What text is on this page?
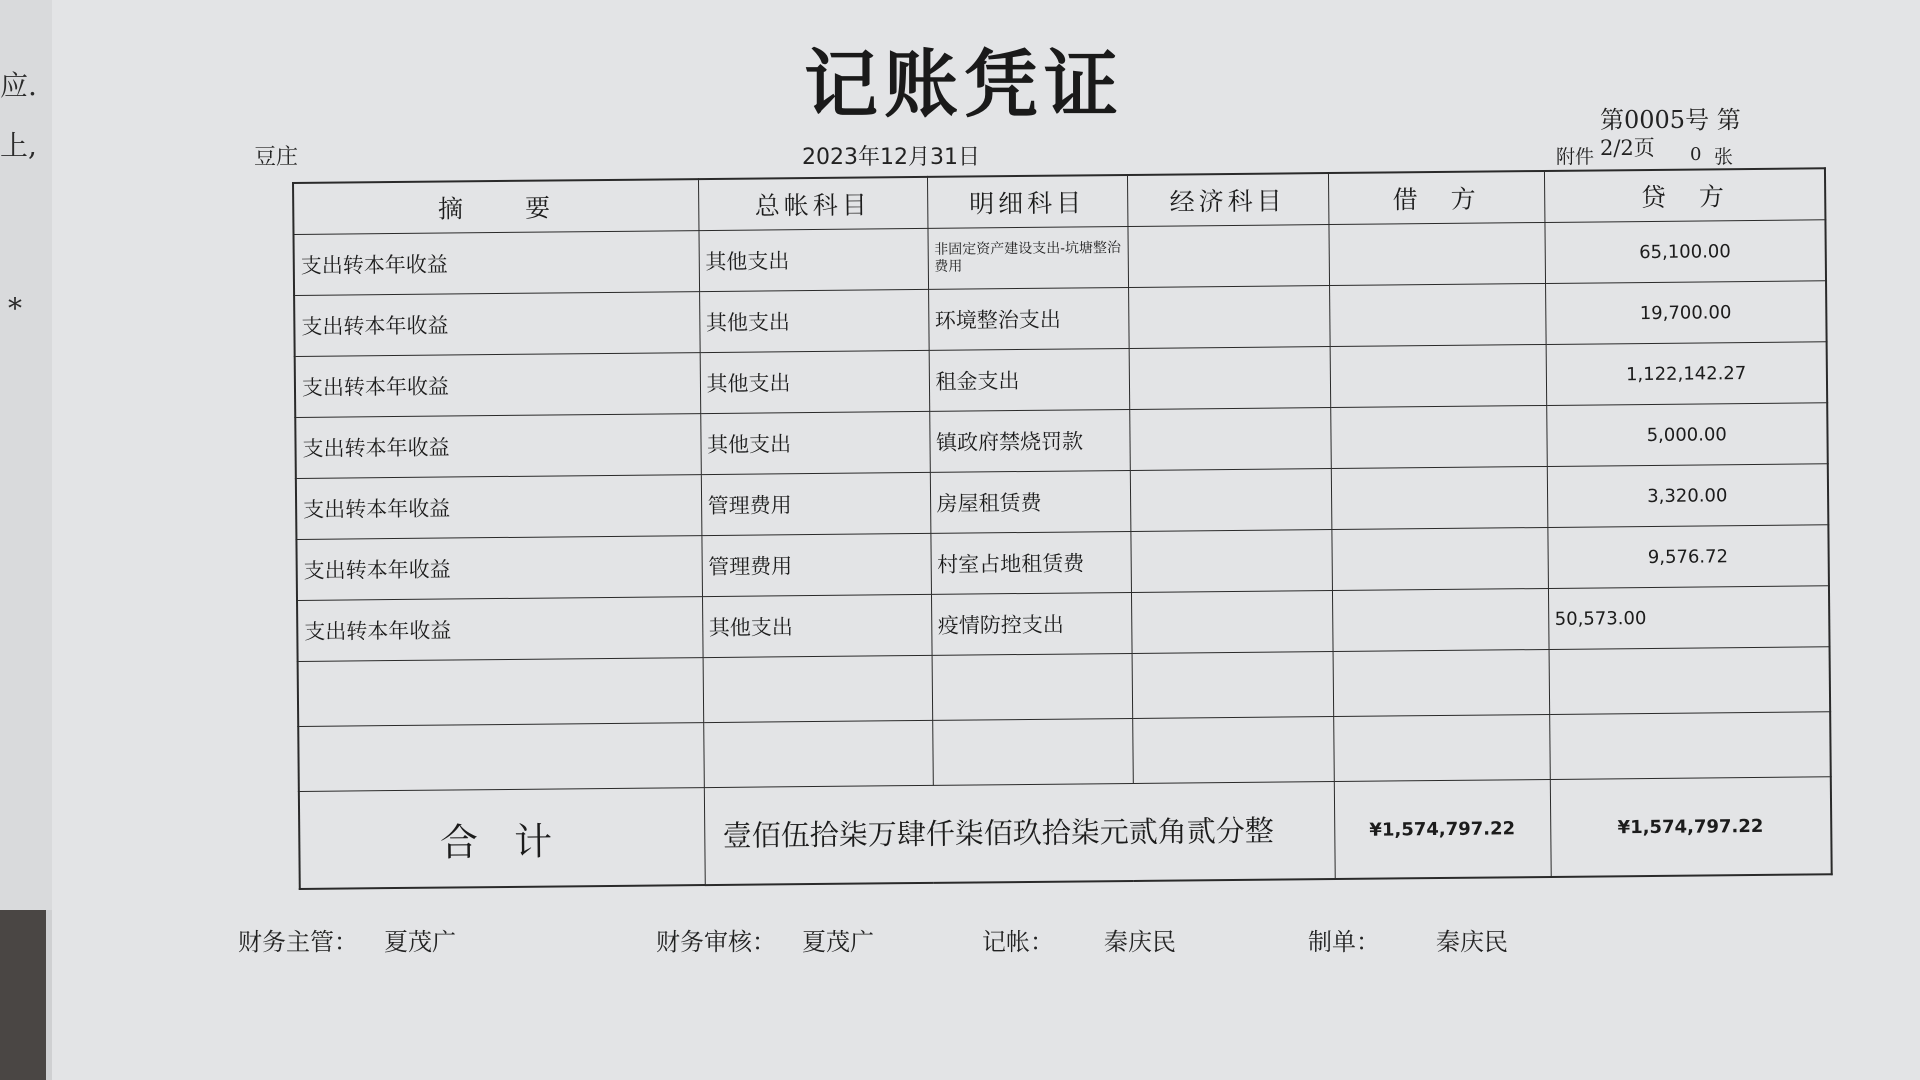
应.
上,
*
记账凭证
豆庄	2023年12月31日
第0005号 第
附件 2/2页 0 张
摘　　要	总帐科目	明细科目	经济科目	借　方	贷　方
支出转本年收益	其他支出	非固定资产建设支出-坑塘整治费用			65,100.00
支出转本年收益	其他支出	环境整治支出			19,700.00
支出转本年收益	其他支出	租金支出			1,122,142.27
支出转本年收益	其他支出	镇政府禁烧罚款			5,000.00
支出转本年收益	管理费用	房屋租赁费			3,320.00
支出转本年收益	管理费用	村室占地租赁费			9,576.72
支出转本年收益	其他支出	疫情防控支出			50,573.00

合 计	壹佰伍拾柒万肆仟柒佰玖拾柒元贰角贰分整			¥1,574,797.22	¥1,574,797.22
财务主管： 夏茂广	财务审核： 夏茂广	记帐： 秦庆民	制单： 秦庆民
